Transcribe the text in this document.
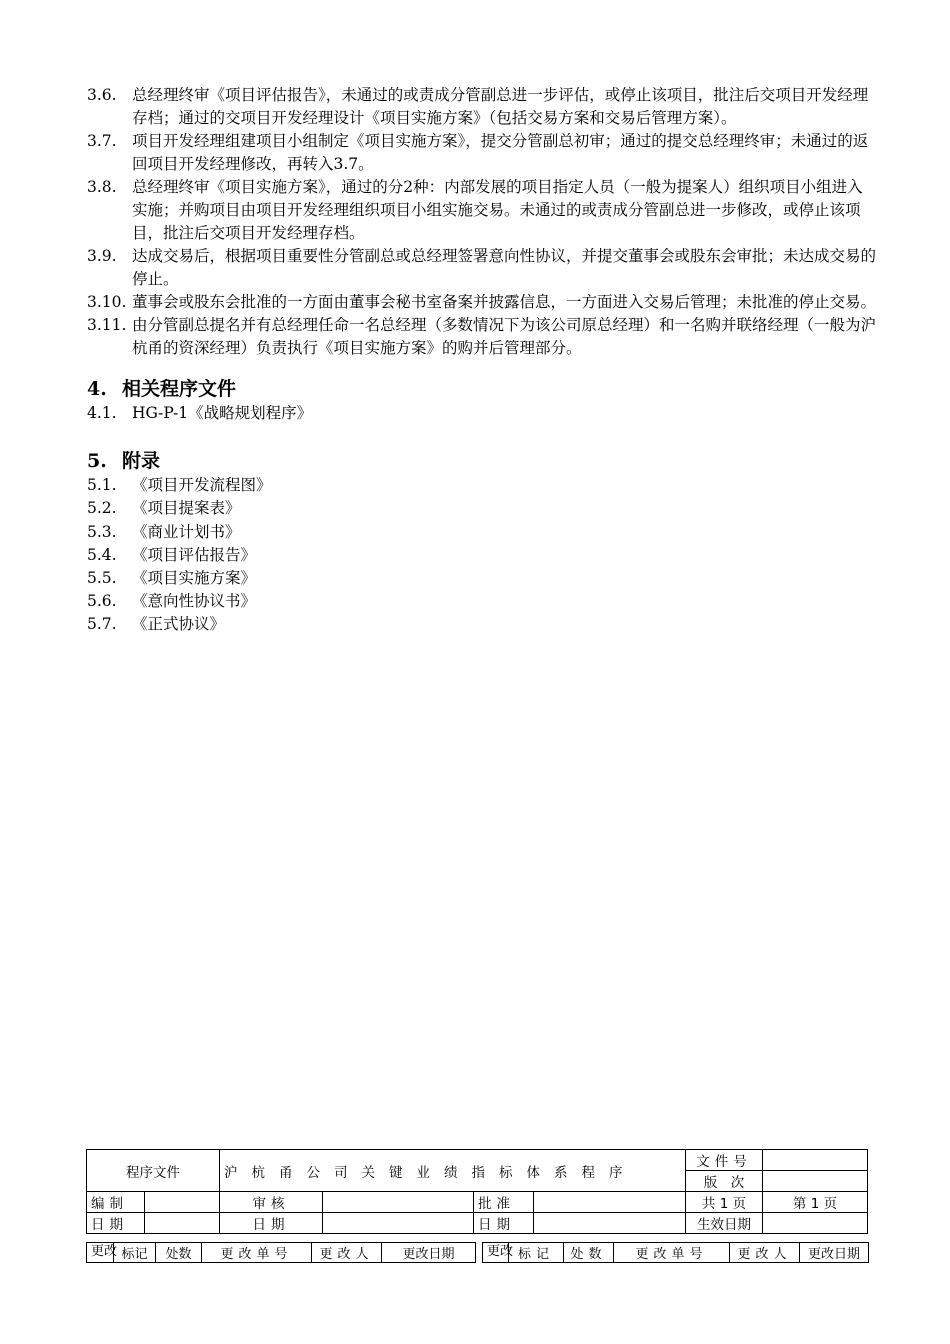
3.6. 总经理终审《项目评估报告》，未通过的或责成分管副总进一步评估，或停止该项目，批注后交项目开发经理存档；通过的交项目开发经理设计《项目实施方案》（包括交易方案和交易后管理方案）。
3.7. 项目开发经理组建项目小组制定《项目实施方案》，提交分管副总初审；通过的提交总经理终审；未通过的返回项目开发经理修改，再转入3.7。
3.8. 总经理终审《项目实施方案》，通过的分2种：内部发展的项目指定人员（一般为提案人）组织项目小组进入实施；并购项目由项目开发经理组织项目小组实施交易。未通过的或责成分管副总进一步修改，或停止该项目，批注后交项目开发经理存档。
3.9. 达成交易后，根据项目重要性分管副总或总经理签署意向性协议，并提交董事会或股东会审批；未达成交易的停止。
3.10. 董事会或股东会批准的一方面由董事会秘书室备案并披露信息，一方面进入交易后管理；未批准的停止交易。
3.11. 由分管副总提名并有总经理任命一名总经理（多数情况下为该公司原总经理）和一名购并联络经理（一般为沪杭甬的资深经理）负责执行《项目实施方案》的购并后管理部分。
4. 相关程序文件
4.1. HG-P-1《战略规划程序》
5. 附录
5.1. 《项目开发流程图》
5.2. 《项目提案表》
5.3. 《商业计划书》
5.4. 《项目评估报告》
5.5. 《项目实施方案》
5.6. 《意向性协议书》
5.7. 《正式协议》
程序文件		沪杭甬公司关键业绩指标体系程序				文件号	
						版　次	
编制		审核		批准		共 1 页	第 1 页
日期		日期		日期		生效日期	
更改	标记	处数	更改单号	更改人	更改日期	更改	标记	处数	更改单号	更改人	更改日期
